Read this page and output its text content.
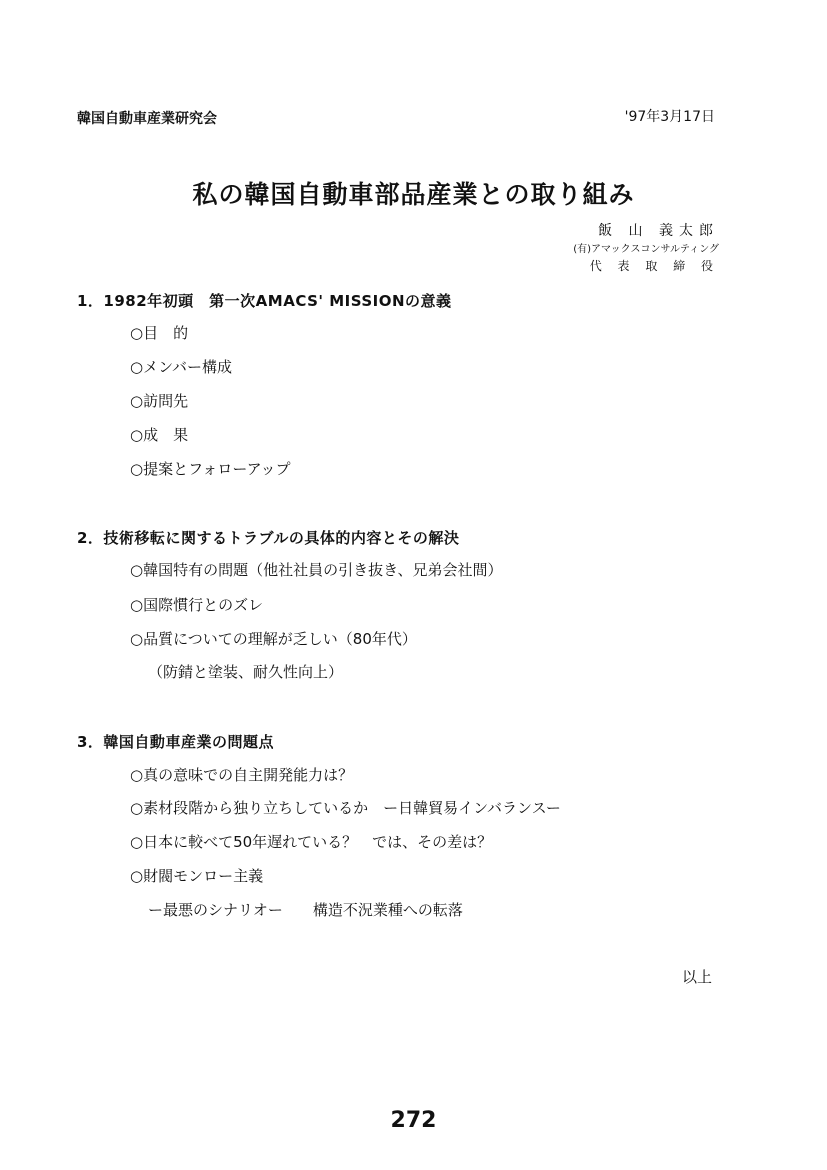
韓国自動車産業研究会	'97年3月17日
私の韓国自動車部品産業との取り組み
飯 山 義太郎
(有)アマックスコンサルティング
代 表 取 締 役
1．1982年初頭　第一次AMACS' MISSIONの意義
○目　的
○メンバー構成
○訪問先
○成　果
○提案とフォローアップ
2．技術移転に関するトラブルの具体的内容とその解決
○韓国特有の問題（他社社員の引き抜き、兄弟会社間）
○国際慣行とのズレ
○品質についての理解が乏しい（80年代）
（防錆と塗装、耐久性向上）
3．韓国自動車産業の問題点
○真の意味での自主開発能力は？
○素材段階から独り立ちしているか　ー日韓貿易インバランスー
○日本に較べて50年遅れている？　では、その差は？
○財閥モンロー主義
ー最悪のシナリオー　　構造不況業種への転落
以上
272
